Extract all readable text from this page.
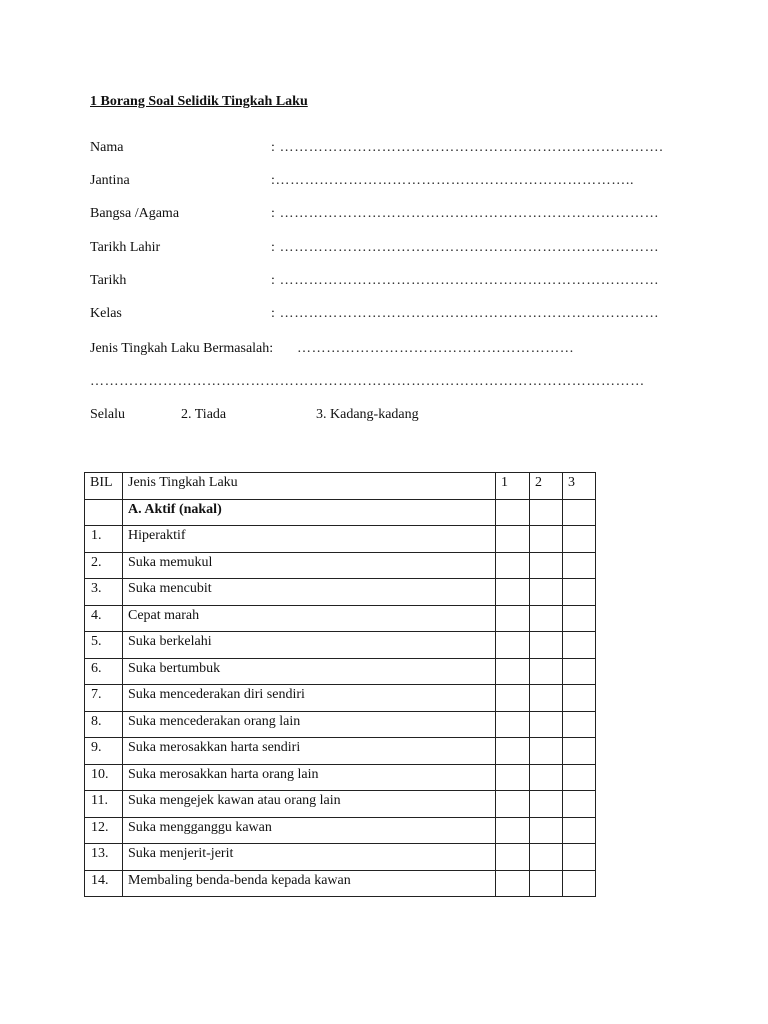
1 Borang Soal Selidik Tingkah Laku
Nama	: …………………………………………………………………….
Jantina	:………………………………………………………………..
Bangsa /Agama	: ……………………………………………………………………
Tarikh Lahir	: ……………………………………………………………………
Tarikh	: ……………………………………………………………………
Kelas	: ……………………………………………………………………
Jenis Tingkah Laku Bermasalah: …………………………………………………
……………………………………………………………………………………………………
Selalu	2. Tiada	3. Kadang-kadang
BIL	Jenis Tingkah Laku	1	2	3
	A. Aktif (nakal)			
1.	Hiperaktif			
2.	Suka memukul			
3.	Suka mencubit			
4.	Cepat marah			
5.	Suka berkelahi			
6.	Suka bertumbuk			
7.	Suka mencederakan diri sendiri			
8.	Suka mencederakan orang lain			
9.	Suka merosakkan harta sendiri			
10.	Suka merosakkan harta orang lain			
11.	Suka mengejek kawan atau orang lain			
12.	Suka mengganggu kawan			
13.	Suka menjerit-jerit			
14.	Membaling benda-benda kepada kawan			
